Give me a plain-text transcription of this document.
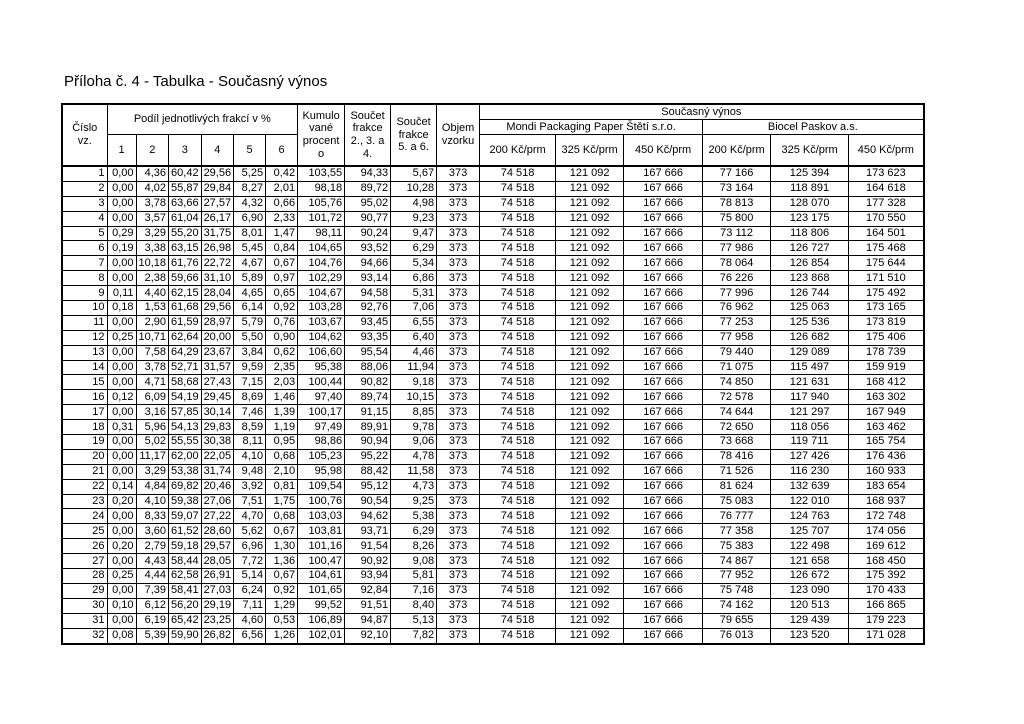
Příloha č. 4 - Tabulka - Současný výnos
Číslo vz.	Podíl jednotlivých frakcí v %						Kumulo vané procent o	Součet frakce 2., 3. a 4.	Součet frakce 5. a 6.	Objem vzorku	Současný výnos					
											Mondi Packaging Paper Štětí s.r.o.			Biocel Paskov a.s.		
	1	2	3	4	5	6					200 Kč/prm	325 Kč/prm	450 Kč/prm	200 Kč/prm	325 Kč/prm	450 Kč/prm
1	0,00	4,36	60,42	29,56	5,25	0,42	103,55	94,33	5,67	373	74 518	121 092	167 666	77 166	125 394	173 623
2	0,00	4,02	55,87	29,84	8,27	2,01	98,18	89,72	10,28	373	74 518	121 092	167 666	73 164	118 891	164 618
3	0,00	3,78	63,66	27,57	4,32	0,66	105,76	95,02	4,98	373	74 518	121 092	167 666	78 813	128 070	177 328
4	0,00	3,57	61,04	26,17	6,90	2,33	101,72	90,77	9,23	373	74 518	121 092	167 666	75 800	123 175	170 550
5	0,29	3,29	55,20	31,75	8,01	1,47	98,11	90,24	9,47	373	74 518	121 092	167 666	73 112	118 806	164 501
6	0,19	3,38	63,15	26,98	5,45	0,84	104,65	93,52	6,29	373	74 518	121 092	167 666	77 986	126 727	175 468
7	0,00	10,18	61,76	22,72	4,67	0,67	104,76	94,66	5,34	373	74 518	121 092	167 666	78 064	126 854	175 644
8	0,00	2,38	59,66	31,10	5,89	0,97	102,29	93,14	6,86	373	74 518	121 092	167 666	76 226	123 868	171 510
9	0,11	4,40	62,15	28,04	4,65	0,65	104,67	94,58	5,31	373	74 518	121 092	167 666	77 996	126 744	175 492
10	0,18	1,53	61,68	29,56	6,14	0,92	103,28	92,76	7,06	373	74 518	121 092	167 666	76 962	125 063	173 165
11	0,00	2,90	61,59	28,97	5,79	0,76	103,67	93,45	6,55	373	74 518	121 092	167 666	77 253	125 536	173 819
12	0,25	10,71	62,64	20,00	5,50	0,90	104,62	93,35	6,40	373	74 518	121 092	167 666	77 958	126 682	175 406
13	0,00	7,58	64,29	23,67	3,84	0,62	106,60	95,54	4,46	373	74 518	121 092	167 666	79 440	129 089	178 739
14	0,00	3,78	52,71	31,57	9,59	2,35	95,38	88,06	11,94	373	74 518	121 092	167 666	71 075	115 497	159 919
15	0,00	4,71	58,68	27,43	7,15	2,03	100,44	90,82	9,18	373	74 518	121 092	167 666	74 850	121 631	168 412
16	0,12	6,09	54,19	29,45	8,69	1,46	97,40	89,74	10,15	373	74 518	121 092	167 666	72 578	117 940	163 302
17	0,00	3,16	57,85	30,14	7,46	1,39	100,17	91,15	8,85	373	74 518	121 092	167 666	74 644	121 297	167 949
18	0,31	5,96	54,13	29,83	8,59	1,19	97,49	89,91	9,78	373	74 518	121 092	167 666	72 650	118 056	163 462
19	0,00	5,02	55,55	30,38	8,11	0,95	98,86	90,94	9,06	373	74 518	121 092	167 666	73 668	119 711	165 754
20	0,00	11,17	62,00	22,05	4,10	0,68	105,23	95,22	4,78	373	74 518	121 092	167 666	78 416	127 426	176 436
21	0,00	3,29	53,38	31,74	9,48	2,10	95,98	88,42	11,58	373	74 518	121 092	167 666	71 526	116 230	160 933
22	0,14	4,84	69,82	20,46	3,92	0,81	109,54	95,12	4,73	373	74 518	121 092	167 666	81 624	132 639	183 654
23	0,20	4,10	59,38	27,06	7,51	1,75	100,76	90,54	9,25	373	74 518	121 092	167 666	75 083	122 010	168 937
24	0,00	8,33	59,07	27,22	4,70	0,68	103,03	94,62	5,38	373	74 518	121 092	167 666	76 777	124 763	172 748
25	0,00	3,60	61,52	28,60	5,62	0,67	103,81	93,71	6,29	373	74 518	121 092	167 666	77 358	125 707	174 056
26	0,20	2,79	59,18	29,57	6,96	1,30	101,16	91,54	8,26	373	74 518	121 092	167 666	75 383	122 498	169 612
27	0,00	4,43	58,44	28,05	7,72	1,36	100,47	90,92	9,08	373	74 518	121 092	167 666	74 867	121 658	168 450
28	0,25	4,44	62,58	26,91	5,14	0,67	104,61	93,94	5,81	373	74 518	121 092	167 666	77 952	126 672	175 392
29	0,00	7,39	58,41	27,03	6,24	0,92	101,65	92,84	7,16	373	74 518	121 092	167 666	75 748	123 090	170 433
30	0,10	6,12	56,20	29,19	7,11	1,29	99,52	91,51	8,40	373	74 518	121 092	167 666	74 162	120 513	166 865
31	0,00	6,19	65,42	23,25	4,60	0,53	106,89	94,87	5,13	373	74 518	121 092	167 666	79 655	129 439	179 223
32	0,08	5,39	59,90	26,82	6,56	1,26	102,01	92,10	7,82	373	74 518	121 092	167 666	76 013	123 520	171 028
